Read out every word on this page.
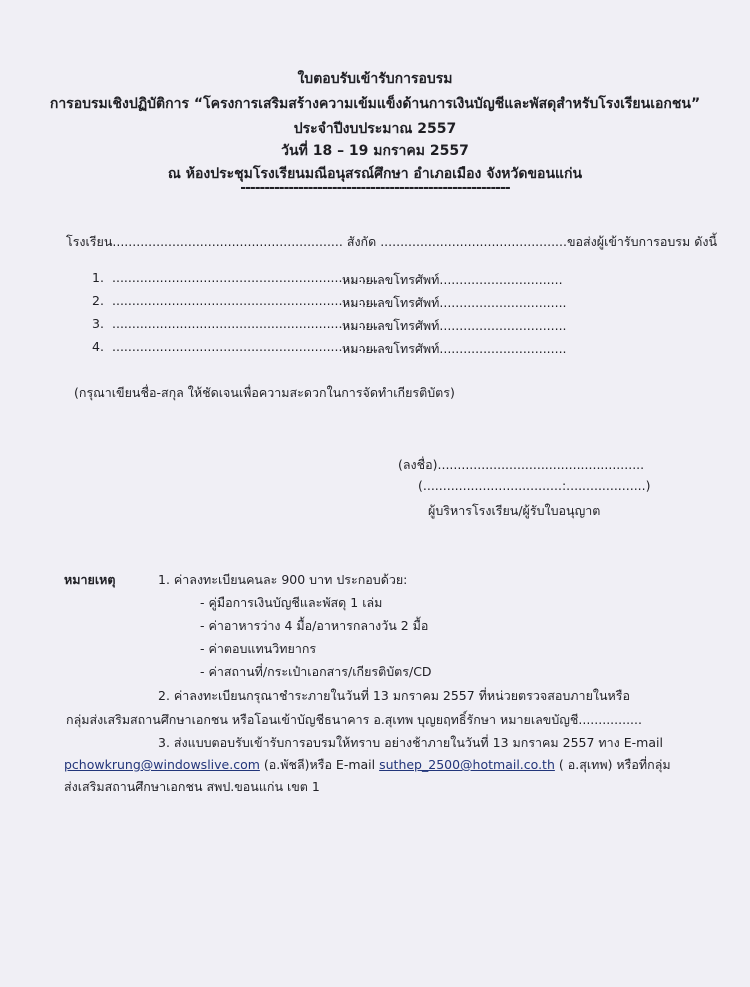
ใบตอบรับเข้ารับการอบรม
การอบรมเชิงปฏิบัติการ “โครงการเสริมสร้างความเข้มแข็งด้านการเงินบัญชีและพัสดุสำหรับโรงเรียนเอกชน”
ประจำปีงบประมาณ 2557
วันที่ 18 – 19 มกราคม 2557
ณ ห้องประชุมโรงเรียนมณีอนุสรณ์ศึกษา อำเภอเมือง จังหวัดขอนแก่น
--------------------------------------------------------
โรงเรียน.......................................................... สังกัด ...............................................ขอส่งผู้เข้ารับการอบรม ดังนี้
1. ...................................................................
หมายเลขโทรศัพท์...............................
2. ...................................................................
หมายเลขโทรศัพท์................................
3. ...................................................................
หมายเลขโทรศัพท์................................
4. ...................................................................
หมายเลขโทรศัพท์................................
(กรุณาเขียนชื่อ-สกุล ให้ชัดเจนเพื่อความสะดวกในการจัดทำเกียรติบัตร)
(ลงชื่อ)....................................................
(...................................:....................)
ผู้บริหารโรงเรียน/ผู้รับใบอนุญาต
หมายเหตุ	1. ค่าลงทะเบียนคนละ 900 บาท ประกอบด้วย:
- คู่มือการเงินบัญชีและพัสดุ 1 เล่ม
- ค่าอาหารว่าง 4 มื้อ/อาหารกลางวัน 2 มื้อ
- ค่าตอบแทนวิทยากร
- ค่าสถานที่/กระเป๋าเอกสาร/เกียรติบัตร/CD
2. ค่าลงทะเบียนกรุณาชำระภายในวันที่ 13 มกราคม 2557 ที่หน่วยตรวจสอบภายในหรือ
กลุ่มส่งเสริมสถานศึกษาเอกชน หรือโอนเข้าบัญชีธนาคาร อ.สุเทพ บุญยฤทธิ์รักษา หมายเลขบัญชี................
3. ส่งแบบตอบรับเข้ารับการอบรมให้ทราบ อย่างช้าภายในวันที่ 13 มกราคม 2557 ทาง E-mail
pchowkrung@windowslive.com (อ.พัชลี)หรือ E-mail suthep_2500@hotmail.co.th ( อ.สุเทพ) หรือที่กลุ่ม
ส่งเสริมสถานศึกษาเอกชน สพป.ขอนแก่น เขต 1
